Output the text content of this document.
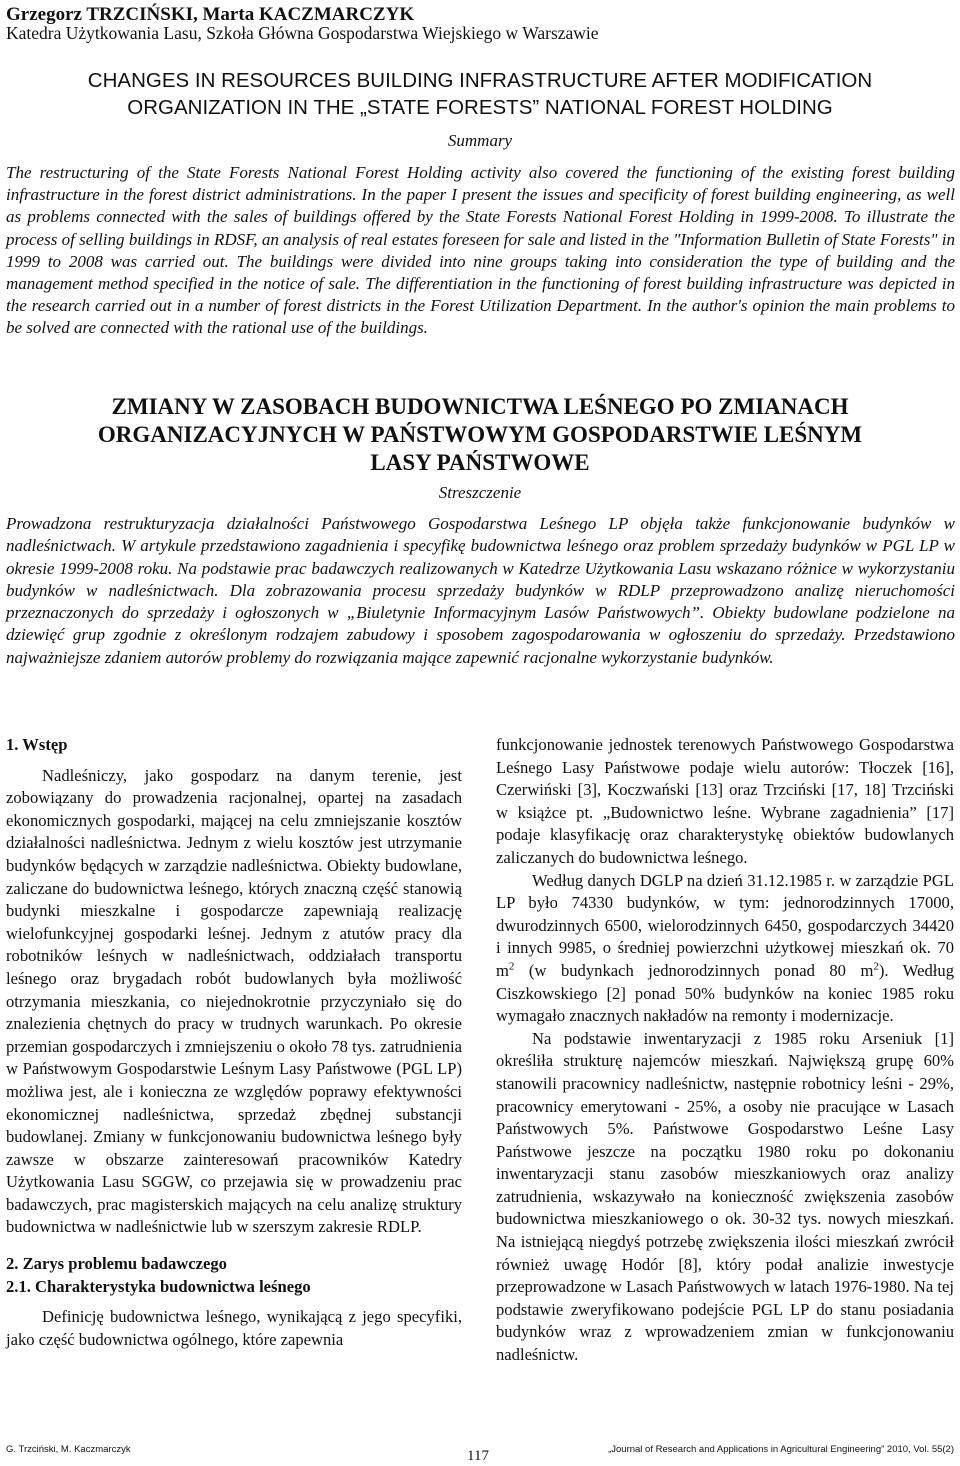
Grzegorz TRZCIŃSKI, Marta KACZMARCZYK
Katedra Użytkowania Lasu, Szkoła Główna Gospodarstwa Wiejskiego w Warszawie
CHANGES IN RESOURCES BUILDING INFRASTRUCTURE AFTER MODIFICATION
ORGANIZATION IN THE „STATE FORESTS” NATIONAL FOREST HOLDING
Summary

The restructuring of the State Forests National Forest Holding activity also covered the functioning of the existing forest building infrastructure in the forest district administrations. In the paper I present the issues and specificity of forest building engineering, as well as problems connected with the sales of buildings offered by the State Forests National Forest Holding in 1999-2008. To illustrate the process of selling buildings in RDSF, an analysis of real estates foreseen for sale and listed in the "Information Bulletin of State Forests" in 1999 to 2008 was carried out. The buildings were divided into nine groups taking into consideration the type of building and the management method specified in the notice of sale. The differentiation in the functioning of forest building infrastructure was depicted in the research carried out in a number of forest districts in the Forest Utilization Department. In the author's opinion the main problems to be solved are connected with the rational use of the buildings.

ZMIANY W ZASOBACH BUDOWNICTWA LEŚNEGO PO ZMIANACH
ORGANIZACYJNYCH W PAŃSTWOWYM GOSPODARSTWIE LEŚNYM
LASY PAŃSTWOWE
Streszczenie

Prowadzona restrukturyzacja działalności Państwowego Gospodarstwa Leśnego LP objęła także funkcjonowanie budynków w nadleśnictwach. W artykule przedstawiono zagadnienia i specyfikę budownictwa leśnego oraz problem sprzedaży budynków w PGL LP w okresie 1999-2008 roku. Na podstawie prac badawczych realizowanych w Katedrze Użytkowania Lasu wskazano różnice w wykorzystaniu budynków w nadleśnictwach. Dla zobrazowania procesu sprzedaży budynków w RDLP przeprowadzono analizę nieruchomości przeznaczonych do sprzedaży i ogłoszonych w „Biuletynie Informacyjnym Lasów Państwowych”. Obiekty budowlane podzielone na dziewięć grup zgodnie z określonym rodzajem zabudowy i sposobem zagospodarowania w ogłoszeniu do sprzedaży. Przedstawiono najważniejsze zdaniem autorów problemy do rozwiązania mające zapewnić racjonalne wykorzystanie budynków.

1. Wstęp

Nadleśniczy, jako gospodarz na danym terenie, jest zobowiązany do prowadzenia racjonalnej, opartej na zasadach ekonomicznych gospodarki, mającej na celu zmniejszanie kosztów działalności nadleśnictwa. Jednym z wielu kosztów jest utrzymanie budynków będących w zarządzie nadleśnictwa. Obiekty budowlane, zaliczane do budownictwa leśnego, których znaczną część stanowią budynki mieszkalne i gospodarcze zapewniają realizację wielofunkcyjnej gospodarki leśnej. Jednym z atutów pracy dla robotników leśnych w nadleśnictwach, oddziałach transportu leśnego oraz brygadach robót budowlanych była możliwość otrzymania mieszkania, co niejednokrotnie przyczyniało się do znalezienia chętnych do pracy w trudnych warunkach. Po okresie przemian gospodarczych i zmniejszeniu o około 78 tys. zatrudnienia w Państwowym Gospodarstwie Leśnym Lasy Państwowe (PGL LP) możliwa jest, ale i konieczna ze względów poprawy efektywności ekonomicznej nadleśnictwa, sprzedaż zbędnej substancji budowlanej. Zmiany w funkcjonowaniu budownictwa leśnego były zawsze w obszarze zainteresowań pracowników Katedry Użytkowania Lasu SGGW, co przejawia się w prowadzeniu prac badawczych, prac magisterskich mających na celu analizę struktury budownictwa w nadleśnictwie lub w szerszym zakresie RDLP.

2. Zarys problemu badawczego
2.1. Charakterystyka budownictwa leśnego

Definicję budownictwa leśnego, wynikającą z jego specyfiki, jako część budownictwa ogólnego, które zapewnia

funkcjonowanie jednostek terenowych Państwowego Gospodarstwa Leśnego Lasy Państwowe podaje wielu autorów: Tłoczek [16], Czerwiński [3], Koczwański [13] oraz Trzciński [17, 18] Trzciński w książce pt. „Budownictwo leśne. Wybrane zagadnienia” [17] podaje klasyfikację oraz charakterystykę obiektów budowlanych zaliczanych do budownictwa leśnego.

Według danych DGLP na dzień 31.12.1985 r. w zarządzie PGL LP było 74330 budynków, w tym: jednorodzinnych 17000, dwurodzinnych 6500, wielorodzinnych 6450, gospodarczych 34420 i innych 9985, o średniej powierzchni użytkowej mieszkań ok. 70 $m^2$ (w budynkach jednorodzinnych ponad 80 $m^2$). Według Ciszkowskiego [2] ponad 50% budynków na koniec 1985 roku wymagało znacznych nakładów na remonty i modernizacje.

Na podstawie inwentaryzacji z 1985 roku Arseniuk [1] określiła strukturę najemców mieszkań. Największą grupę 60% stanowili pracownicy nadleśnictw, następnie robotnicy leśni - 29%, pracownicy emerytowani - 25%, a osoby nie pracujące w Lasach Państwowych 5%. Państwowe Gospodarstwo Leśne Lasy Państwowe jeszcze na początku 1980 roku po dokonaniu inwentaryzacji stanu zasobów mieszkaniowych oraz analizy zatrudnienia, wskazywało na konieczność zwiększenia zasobów budownictwa mieszkaniowego o ok. 30-32 tys. nowych mieszkań. Na istniejącą niegdyś potrzebę zwiększenia ilości mieszkań zwrócił również uwagę Hodór [8], który podał analizie inwestycje przeprowadzone w Lasach Państwowych w latach 1976-1980. Na tej podstawie zweryfikowano podejście PGL LP do stanu posiadania budynków wraz z wprowadzeniem zmian w funkcjonowaniu nadleśnictw.

G. Trzciński, M. Kaczmarczyk	117	„Journal of Research and Applications in Agricultural Engineering” 2010, Vol. 55(2)
